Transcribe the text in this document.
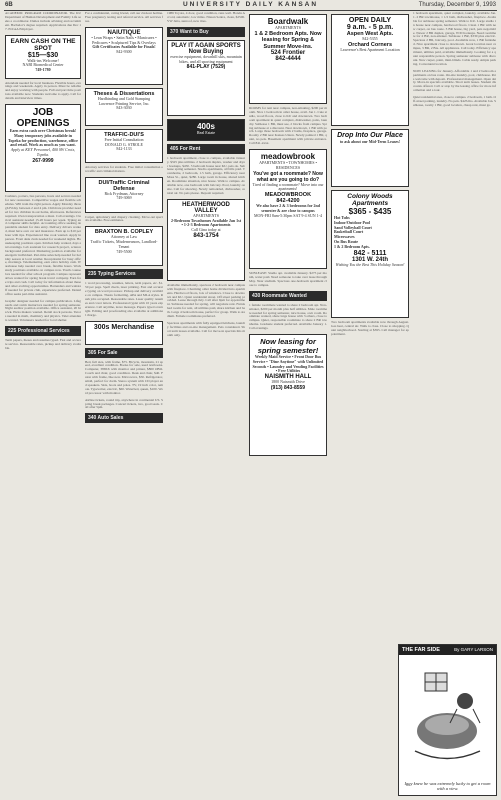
6B	UNIVERSITY DAILY KANSAN	Thursday, December 9, 1993
ACADEMIC PROGRAM COORDINATOR. The KU Department of Human Development and Family Life seeks a coordinator. Duties include advising and recruitment. Bachelor's degree required. Applications due Dec 17. EO/AA Employer.
EARN CASH ON THE SPOT
$15—$30
Walk-ins Welcome!
NABI Biomedical Center
749-1780
Attendant needed for local business. Flexible hours, evenings and weekends. Apply in person. Must be reliable and enjoy working with people. Full and part time positions available now. Students welcome to apply. Call for details and interview times.
JOB OPENINGS
Earn extra cash over Christmas break! Many temporary jobs available in Topeka for production, warehouse, office and retail. Work as much as you want.
Apply at KEY Personnel, 400 SW Croix, Topeka.
267-9999
Cashiers, porters, bus persons, hosts and servers needed for new restaurant. Competitive wages and flexible schedules. Will train the right person. Apply Monday through Friday between 2 and 4 pm. Childcare provider needed for two children in our home, afternoons. References required. Own transportation a must. Call evenings. Clerical assistant needed 15-20 hours per week. Typing and computer skills helpful. Accounting office seeking dependable student for data entry. Delivery drivers wanted, must have own car and insurance. Earn up to $10 per hour with tips. Experienced line cook wanted. Apply in person. Front desk clerk needed for weekend nights. Housekeeping positions open. Kitchen help wanted, days and evenings. Lab assistant for research project, science background preferred. Marketing position available for energetic individual. Part-time sales help needed for holiday season at local retailer. Receptionist for busy office, mornings. Telemarketing, earn extra holiday cash. Warehouse help needed over break, flexible hours. Work study positions available on campus now. Youth counselors needed for after school program. Campus representatives wanted for spring break travel company. Earn free trips and cash. Call today for information about these and other exciting opportunities. Bartenders and waitstaff needed for private club, experience preferred. Dental office seeks part-time assistant.
Graphic designer needed for campus publication. Lifeguards and swim instructors needed for spring semester. Night auditor position available. Office assistant, 20 hrs/wk. Pizza makers wanted. Retail stock persons. Tutors needed in math, chemistry and physics. Valet attendants wanted. Volunteers needed for local shelter.
225 Professional Services
Term papers, theses and resumes typed. Fast and accurate service. Reasonable rates, pickup and delivery available.
For a confidential, caring friend, call our 24-hour hotline. Free pregnancy testing and referral service. All services free.
NAIUTIQUE
• Lean Wraps • Satin Nails • Manicures • Pedicures • Sculptured Tips & Overlays
Gift Certificates Available for Finals!
842-9300
Theses & Dissertations
Hardbinding and Gold Stamping
Lawrence Printing Service, Inc.
843-3030
TRAFFIC-DUI'S
Free Initial Consultation
DONALD G. STROLE
842-1133
Attorney services for students. Free initial consultation on traffic and criminal matters.
DUI/Traffic Criminal Defense
Rick Frydman, Attorney
749-3069
Carpet, upholstery and drapery cleaning. Move-out specials available. Free estimates.
BRAXTON B. COPLEY
Attorney at Law
Traffic Tickets, Misdemeanors, Landlord-Tenant
749-5500
235 Typing Services
1 word processing, resumes, letters, term papers, etc. $1.50 per page. Spell check, laser printing. Fast and accurate typing on word processor. Pickup and delivery available on campus. Thesis formatting, APA and MLA styles. Rush jobs accepted. Reasonable rates. Laser quality resumes and cover letters. Professional typist with 10 years experience. Call anytime, leave message. Papers typed overnight. Editing and proofreading also available at additional charge.
300s Merchandise
305 For Sale
Bed, full size, with frame, $75. Bicycle, mountain, 21 speed, excellent condition. Books for sale, used textbooks. Computer, 386SX with monitor and printer, $800 OBO. Couch and chair, good condition. Desk and chair, $40. Futon with frame, like new. Microwave, $50. Refrigerator, small, perfect for dorm. Stereo system with CD player and speakers. Skis, boots and poles. TV, 19 inch color, remote. Typewriter, electric, $60. Waterbed, queen, $100. Word processor with monitor.
Airline tickets, round trip, anywhere in continental US. Spring break packages. Concert tickets, two, good seats. Call after 5pm.
340 Auto Sales
1986 Toyota, 4 door, good condition, runs well. Honda Accord, automatic, low miles. Nissan Sentra, clean, $2500. VW Jetta, sunroof, new tires.
370 Want to Buy
PLAY IT AGAIN SPORTS
Now Buying
exercise equipment, downhill skis, mountain bikes, and all sporting equipment
841-PLAY (7529)
400s
Real Estate
405 For Rent
1 bedroom apartment, close to campus, available January. $325 plus utilities. 2 bedroom duplex, washer and dryer hookups, $450. 3 bedroom house near KU, pets ok. Sublease spring semester. Studio apartments, all bills paid. Townhome, 2 bedroom, 1.5 bath, garage. Efficiency near Mass St., quiet, $280. Large room in house, shared kitchen. Roommate situation, nice house. Walk to campus. Available now, one bedroom with balcony. Pool, laundry on site. Call for showing. Newly remodeled, dishwasher, central air. No pets please. Deposit required.
HEATHERWOOD VALLEY
APARTMENTS
2-Bedroom Townhomes Available Jan 1st • 1-2-3 Bedroom Apartments
Call Gina today at
843-1754
Available immediately, spacious 2 bedroom near campus with fireplace. Charming older home divided into apartments. Hardwood floors, lots of windows. Close to downtown and KU. Quiet residential street. Off street parking provided. Lease through July. Call after 6pm for appointment. Sublease needed for spring, will negotiate rent. Furnished rooms for rent, all utilities paid, share kitchen and bath. Large 4 bedroom house, perfect for group. Walk to stadium. Female roommates preferred.
Spacious apartments with fully equipped kitchens, laundry facilities and on-site management. Pets considered. Short term leases available. Call for move-in specials this month only.
Boardwalk
APARTMENTS
1 & 2 Bedroom Apts. Now leasing for Spring & Summer Move-ins.
524 Frontier
842-4444
ROOMS for rent near campus, non-smoking, $200 per month. Nice 1 bedroom in older house, avail. Jan 1. Cute studio, wood floors, close to KU and downtown. Two bedroom apartment in quiet complex, dishwasher, patio, laundry. Sublease 1 BR, must see, 2 blocks from campus. Spring sublease at a discount. Near downtown, 1 BR with porch. Large three bedroom with 2 baths, fireplace, garage. Roomy 2 BR near Kansas Union. Newly painted 1 BR, quiet, no pets. Basement apartment with private entrance. Call 841-xxxx.
meadowbrook
APARTMENTS • TOWNHOMES • RESIDENCES
You've got a roommate? Now what are you going to do?
Tired of finding a roommate? Move into our apartments!
MEADOWBROOK
842-4200
We also have 2 & 3 bedrooms for 2nd semester & are close to campus
MON-FRI 8am-5:30pm SAT 9-4 SUN 1-4
SUBLEASE: Studio apt. available January. $275 per month, water paid. Need someone to take over lease through May. Near stadium. Spacious one-bedroom apartment close to campus.
430 Roommate Wanted
1 female roommate wanted to share 2 bedroom apt. Non-smoker, $200 per month plus half utilities. Male roommate needed for spring semester, nice house, own room. Roommate wanted, share large house with 3 others, close to campus. Quiet, responsible roommate to share 2 BR townhome. Graduate student preferred. Available January 1. Call evenings.
Now leasing for spring semester!
Weekly Maid Service • Front Door Bus Service • "Dine Anytime" with Unlimited Seconds • Laundry and Vending Facilities • Free Utilities
NAISMITH HALL
1800 Naismith Drive
(913) 843-8559
OPEN DAILY
9 a.m. - 5 p.m.
Aspen West Apts.
842-5355
Orchard Corners
Lawrence's Best Apartment Location
Drop Into Our Place
to ask about our Mid-Term Leases!
Colony Woods Apartments
$365 - $435
Hot Tubs
Indoor/Outdoor Pool
Sand Volleyball Court
Basketball Court
Microwaves
On Bus Route
1 & 2 Bedroom Apts.
842 - 5111
1301 W. 24th
Wishing You the Best This Holiday Season!
Two bedroom apartments available now through August. Gas heat, central air. Walk to class. Close to shopping. Quiet neighborhood. Starting at $395. Call manager for appointment.
1 bedroom apartment, quiet complex, laundry, available Jan. 1. 2 BR townhouse, 1 1/2 bath, dishwasher, fireplace. Available for sublease spring semester. Walk to KU. Large studio in house near campus, hardwood floors. Clean 1 BR with new carpet, on bus route. 3 BR house, big yard, pets negotiable. Newer 2 BR duplex, garage, W/D hookups. Need roommate for 2 BR, non-smoker. Sublease 1 BR, $330 plus electric. Spacious 2 BR, balcony, pool. Available now, 1 BR furnished. Nice apartment close to downtown. Great location near campus, 3 BR, 2 BA. All appliances. Call today. Efficiency apartment, utilities paid, available immediately. Looking for a quiet responsible person. Spring semester sublease with discount. New carpet, paint, mini-blinds. Cable ready. Ample parking. Convenient location.
NOW LEASING for January. Affordable 1 and 2 bedroom apartments on bus route. On-site laundry, pool, clubhouse. Pets welcome with deposit. Professional management. Open daily. Move-in specials available. Short term leases. Student discounts offered. Call or stop by the leasing office for more information and a tour.
Quiet residential area, close to campus. 2 bedroom, 1 bath. Off-street parking, laundry. No pets. $425/mo. Available Jan. Sublease, roomy 1 BR, good location, cheap rent, must go.
THE FAR SIDE	By GARY LARSON
Iggy knew he was extremely lucky to get a room with a view.
